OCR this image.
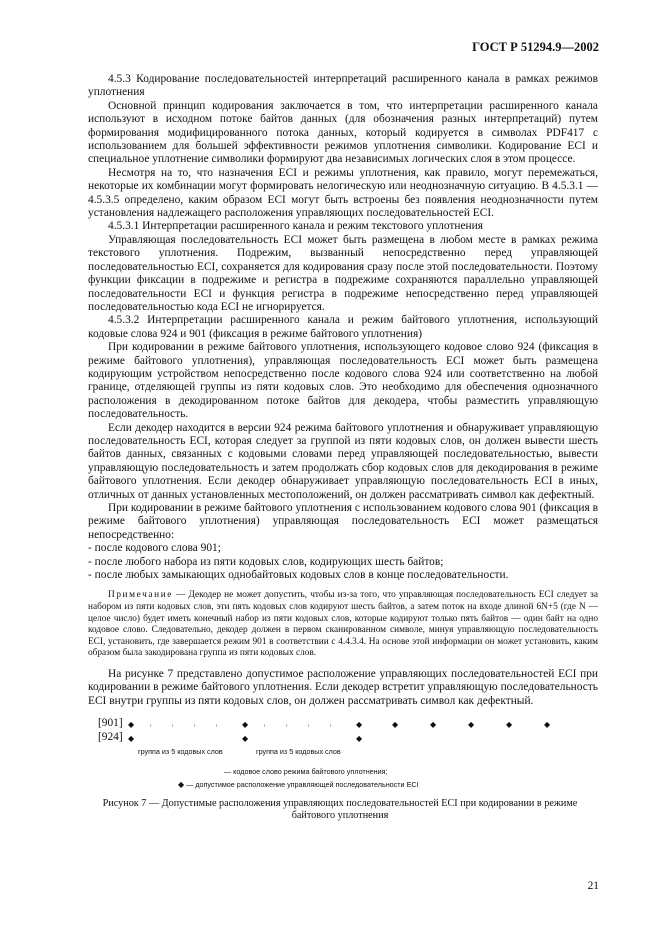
ГОСТ Р 51294.9—2002

4.5.3 Кодирование последовательностей интерпретаций расширенного канала в рамках режимов уплотнения

Основной принцип кодирования заключается в том, что интерпретации расширенного канала используют в исходном потоке байтов данных (для обозначения разных интерпретаций) путем формирования модифицированного потока данных, который кодируется в символах PDF417 с использованием для большей эффективности режимов уплотнения символики. Кодирование ECI и специальное уплотнение символики формируют два независимых логических слоя в этом процессе.

Несмотря на то, что назначения ECI и режимы уплотнения, как правило, могут перемежаться, некоторые их комбинации могут формировать нелогическую или неоднозначную ситуацию. В 4.5.3.1 — 4.5.3.5 определено, каким образом ECI могут быть встроены без появления неоднозначности путем установления надлежащего расположения управляющих последовательностей ECI.

4.5.3.1 Интерпретации расширенного канала и режим текстового уплотнения

Управляющая последовательность ECI может быть размещена в любом месте в рамках режима текстового уплотнения. Подрежим, вызванный непосредственно перед управляющей последовательностью ECI, сохраняется для кодирования сразу после этой последовательности. Поэтому функции фиксации в подрежиме и регистра в подрежиме сохраняются параллельно управляющей последовательности ECI и функция регистра в подрежиме непосредственно перед управляющей последовательностью кода ECI не игнорируется.

4.5.3.2 Интерпретации расширенного канала и режим байтового уплотнения, использующий кодовые слова 924 и 901 (фиксация в режиме байтового уплотнения)

При кодировании в режиме байтового уплотнения, использующего кодовое слово 924 (фиксация в режиме байтового уплотнения), управляющая последовательность ECI может быть размещена кодирующим устройством непосредственно после кодового слова 924 или соответственно на любой границе, отделяющей группы из пяти кодовых слов. Это необходимо для обеспечения однозначного расположения в декодированном потоке байтов для декодера, чтобы разместить управляющую последовательность.

Если декодер находится в версии 924 режима байтового уплотнения и обнаруживает управляющую последовательность ECI, которая следует за группой из пяти кодовых слов, он должен вывести шесть байтов данных, связанных с кодовыми словами перед управляющей последовательностью, вывести управляющую последовательность и затем продолжать сбор кодовых слов для декодирования в режиме байтового уплотнения. Если декодер обнаруживает управляющую последовательность ECI в иных, отличных от данных установленных местоположений, он должен рассматривать символ как дефектный.

При кодировании в режиме байтового уплотнения с использованием кодового слова 901 (фиксация в режиме байтового уплотнения) управляющая последовательность ECI может размещаться непосредственно:

- после кодового слова 901;

- после любого набора из пяти кодовых слов, кодирующих шесть байтов;

- после любых замыкающих однобайтовых кодовых слов в конце последовательности.

Примечание — Декодер не может допустить, чтобы из-за того, что управляющая последовательность ECI следует за набором из пяти кодовых слов, эти пять кодовых слов кодируют шесть байтов, а затем поток на входе длиной 6N+5 (где N — целое число) будет иметь конечный набор из пяти кодовых слов, которые кодируют только пять байтов — один байт на одно кодовое слово. Следовательно, декодер должен в первом сканированном символе, минуя управляющую последовательность ECI, установить, где завершается режим 901 в соответствии с 4.4.3.4. На основе этой информации он может установить, каким образом была закодирована группа из пяти кодовых слов.

На рисунке 7 представлено допустимое расположение управляющих последовательностей ECI при кодировании в режиме байтового уплотнения. Если декодер встретит управляющую последовательность ECI внутри группы из пяти кодовых слов, он должен рассматривать символ как дефектный.

[901]
[924]
◆	◆	◆	◆	◆	◆	◆	◆
◆	◆	◆
группа из 5 кодовых слов	группа из 5 кодовых слов
— кодовое слово режима байтового уплотнения;
◆ — допустимое расположение управляющей последовательности ECI
Рисунок 7 — Допустимые расположения управляющих последовательностей ECI при кодировании в режиме байтового уплотнения
21
